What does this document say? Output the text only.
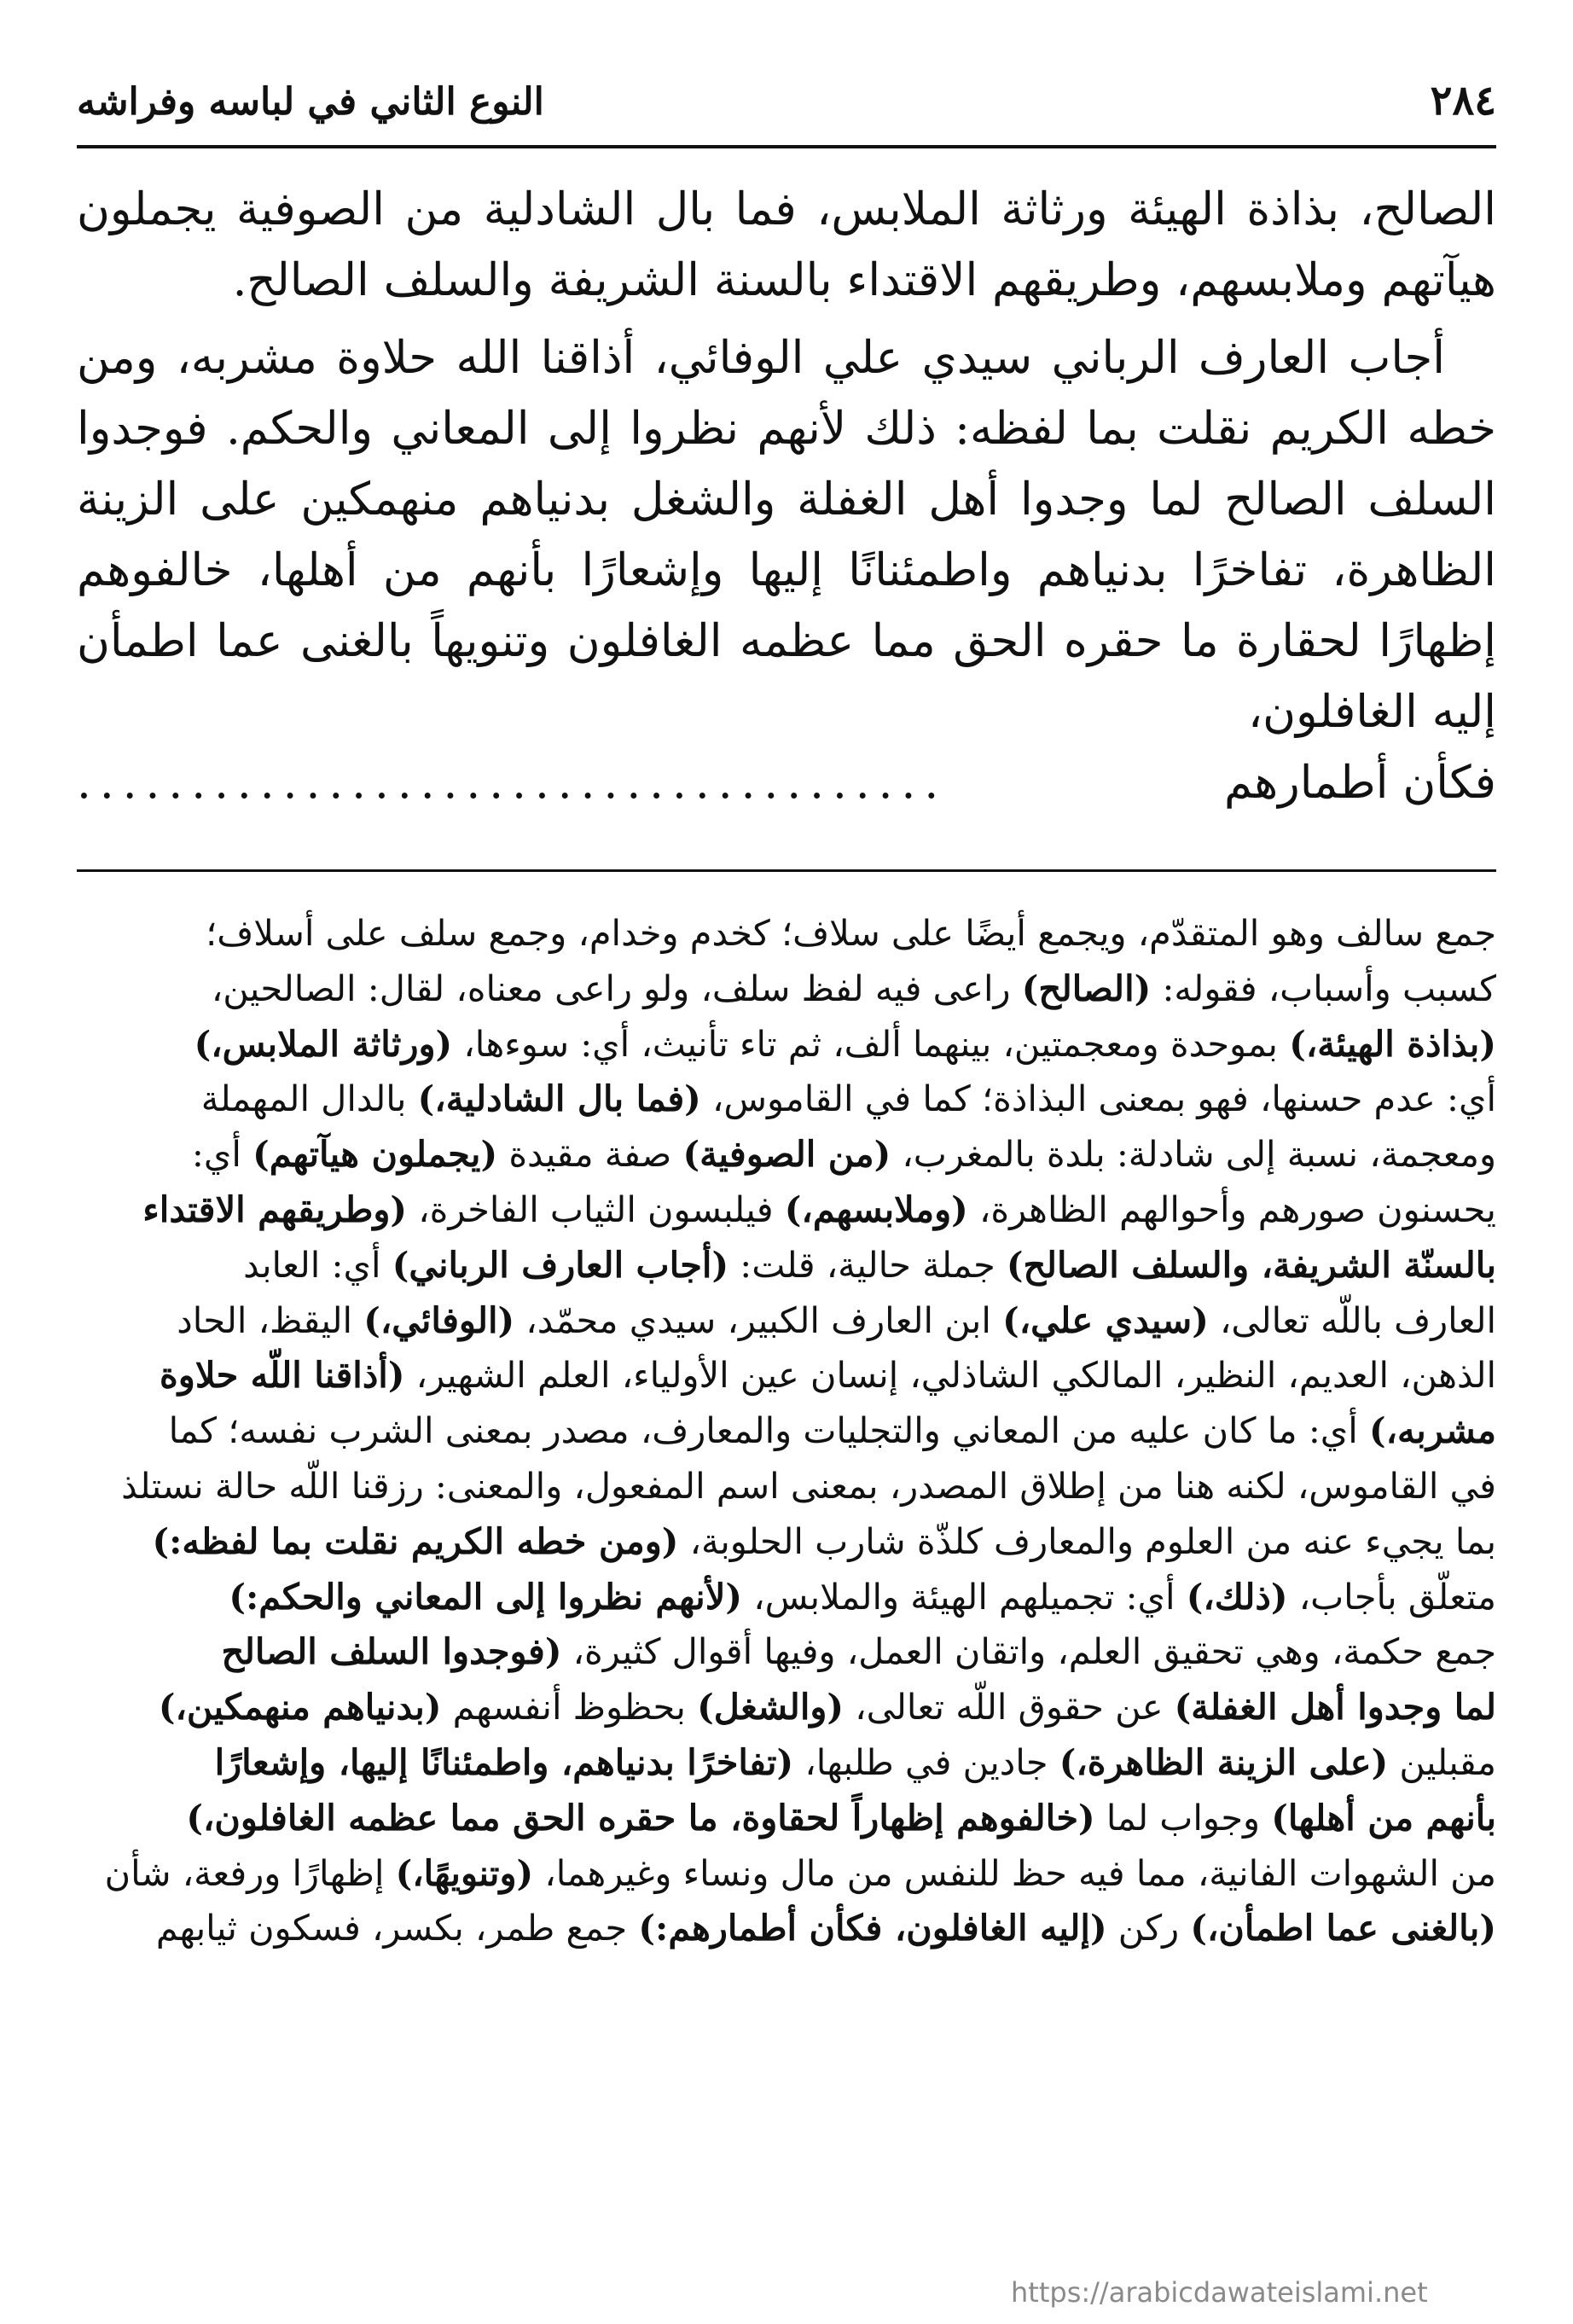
٢٨٤
النوع الثاني في لباسه وفراشه

الصالح، بذاذة الهيئة ورثاثة الملابس، فما بال الشادلية من الصوفية يجملون هيآتهم وملابسهم، وطريقهم الاقتداء بالسنة الشريفة والسلف الصالح.

أجاب العارف الرباني سيدي علي الوفائي، أذاقنا الله حلاوة مشربه، ومن خطه الكريم نقلت بما لفظه: ذلك لأنهم نظروا إلى المعاني والحكم. فوجدوا السلف الصالح لما وجدوا أهل الغفلة والشغل بدنياهم منهمكين على الزينة الظاهرة، تفاخرًا بدنياهم واطمئنانًا إليها وإشعارًا بأنهم من أهلها، خالفوهم إظهارًا لحقارة ما حقره الحق مما عظمه الغافلون وتنويهاً بالغنى عما اطمأن إليه الغافلون،

فكأن أطمارهم
......................................
جمع سالف وهو المتقدّم، ويجمع أيضًا على سلاف؛ كخدم وخدام، وجمع سلف على أسلاف؛
كسبب وأسباب، فقوله: (الصالح) راعى فيه لفظ سلف، ولو راعى معناه، لقال: الصالحين،
(بذاذة الهيئة،) بموحدة ومعجمتين، بينهما ألف، ثم تاء تأنيث، أي: سوءها، (ورثاثة الملابس،)
أي: عدم حسنها، فهو بمعنى البذاذة؛ كما في القاموس، (فما بال الشادلية،) بالدال المهملة
ومعجمة، نسبة إلى شادلة: بلدة بالمغرب، (من الصوفية) صفة مقيدة (يجملون هيآتهم) أي:
يحسنون صورهم وأحوالهم الظاهرة، (وملابسهم،) فيلبسون الثياب الفاخرة، (وطريقهم الاقتداء
بالسنّة الشريفة، والسلف الصالح) جملة حالية، قلت: (أجاب العارف الرباني) أي: العابد
العارف باللّه تعالى، (سيدي علي،) ابن العارف الكبير، سيدي محمّد، (الوفائي،) اليقظ، الحاد
الذهن، العديم، النظير، المالكي الشاذلي، إنسان عين الأولياء، العلم الشهير، (أذاقنا اللّه حلاوة
مشربه،) أي: ما كان عليه من المعاني والتجليات والمعارف، مصدر بمعنى الشرب نفسه؛ كما
في القاموس، لكنه هنا من إطلاق المصدر، بمعنى اسم المفعول، والمعنى: رزقنا اللّه حالة نستلذ
بما يجيء عنه من العلوم والمعارف كلذّة شارب الحلوبة، (ومن خطه الكريم نقلت بما لفظه:)
متعلّق بأجاب، (ذلك،) أي: تجميلهم الهيئة والملابس، (لأنهم نظروا إلى المعاني والحكم:)
جمع حكمة، وهي تحقيق العلم، واتقان العمل، وفيها أقوال كثيرة، (فوجدوا السلف الصالح
لما وجدوا أهل الغفلة) عن حقوق اللّه تعالى، (والشغل) بحظوظ أنفسهم (بدنياهم منهمكين،)
مقبلين (على الزينة الظاهرة،) جادين في طلبها، (تفاخرًا بدنياهم، واطمئنانًا إليها، وإشعارًا
بأنهم من أهلها) وجواب لما (خالفوهم إظهاراً لحقاوة، ما حقره الحق مما عظمه الغافلون،)
من الشهوات الفانية، مما فيه حظ للنفس من مال ونساء وغيرهما، (وتنويهًا،) إظهارًا ورفعة، شأن
(بالغنى عما اطمأن،) ركن (إليه الغافلون، فكأن أطمارهم:) جمع طمر، بكسر، فسكون ثيابهم
https://arabicdawateislami.net
